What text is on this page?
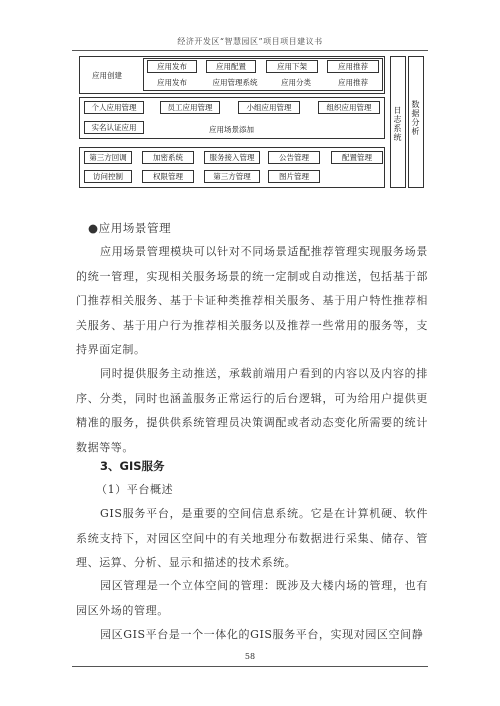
经济开发区“智慧园区”项目项目建议书
应用创建
应用发布	应用配置	应用下架	应用推荐
应用发布	应用管理系统	应用分类	应用推荐
个人应用管理	员工应用管理	小组应用管理	组织应用管理
实名认证应用	应用场景添加
第三方回调	加密系统	服务接入管理	公告管理	配置管理
访问控制	权限管理	第三方管理	图片管理
日志系统 数据分析
●应用场景管理
应用场景管理模块可以针对不同场景适配推荐管理实现服务场景的统一管理，实现相关服务场景的统一定制或自动推送，包括基于部门推荐相关服务、基于卡证种类推荐相关服务、基于用户特性推荐相关服务、基于用户行为推荐相关服务以及推荐一些常用的服务等，支持界面定制。
同时提供服务主动推送，承载前端用户看到的内容以及内容的排序、分类，同时也涵盖服务正常运行的后台逻辑，可为给用户提供更精准的服务，提供供系统管理员决策调配或者动态变化所需要的统计数据等等。
3、GIS服务
（1）平台概述
GIS服务平台，是重要的空间信息系统。它是在计算机硬、软件系统支持下，对园区空间中的有关地理分布数据进行采集、储存、管理、运算、分析、显示和描述的技术系统。
园区管理是一个立体空间的管理：既涉及大楼内场的管理，也有园区外场的管理。
园区GIS平台是一个一体化的GIS服务平台，实现对园区空间静
58
